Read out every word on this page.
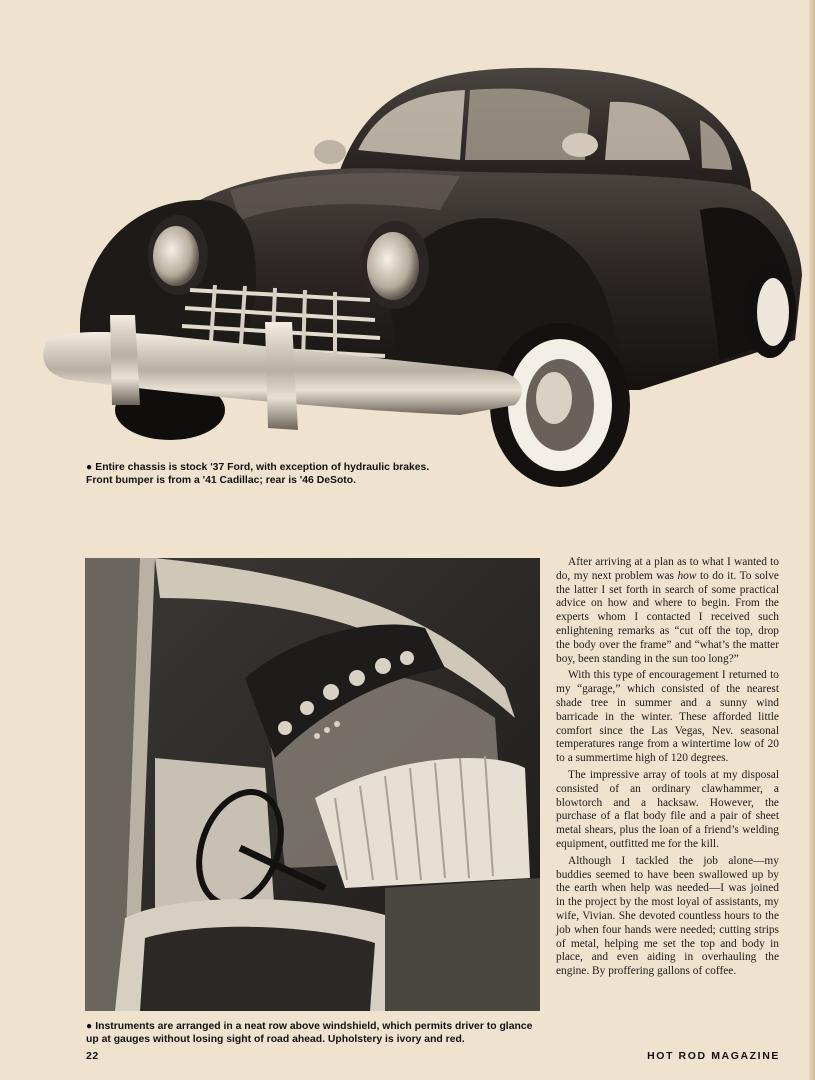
● Entire chassis is stock '37 Ford, with exception of hydraulic brakes. Front bumper is from a '41 Cadillac; rear is '46 DeSoto.
● Instruments are arranged in a neat row above windshield, which permits driver to glance up at gauges without losing sight of road ahead. Upholstery is ivory and red.

After arriving at a plan as to what I wanted to do, my next problem was how to do it. To solve the latter I set forth in search of some practical advice on how and where to begin. From the experts whom I contacted I received such enlightening remarks as “cut off the top, drop the body over the frame” and “what’s the matter boy, been standing in the sun too long?”

With this type of encouragement I returned to my “garage,” which consisted of the nearest shade tree in summer and a sunny wind barricade in the winter. These afforded little comfort since the Las Vegas, Nev. seasonal temperatures range from a wintertime low of 20 to a summertime high of 120 degrees.

The impressive array of tools at my disposal consisted of an ordinary clawhammer, a blowtorch and a hacksaw. However, the purchase of a flat body file and a pair of sheet metal shears, plus the loan of a friend’s welding equipment, outfitted me for the kill.

Although I tackled the job alone—my buddies seemed to have been swallowed up by the earth when help was needed—I was joined in the project by the most loyal of assistants, my wife, Vivian. She devoted countless hours to the job when four hands were needed; cutting strips of metal, helping me set the top and body in place, and even aiding in overhauling the engine. By proffering gallons of coffee.

22	HOT ROD MAGAZINE
